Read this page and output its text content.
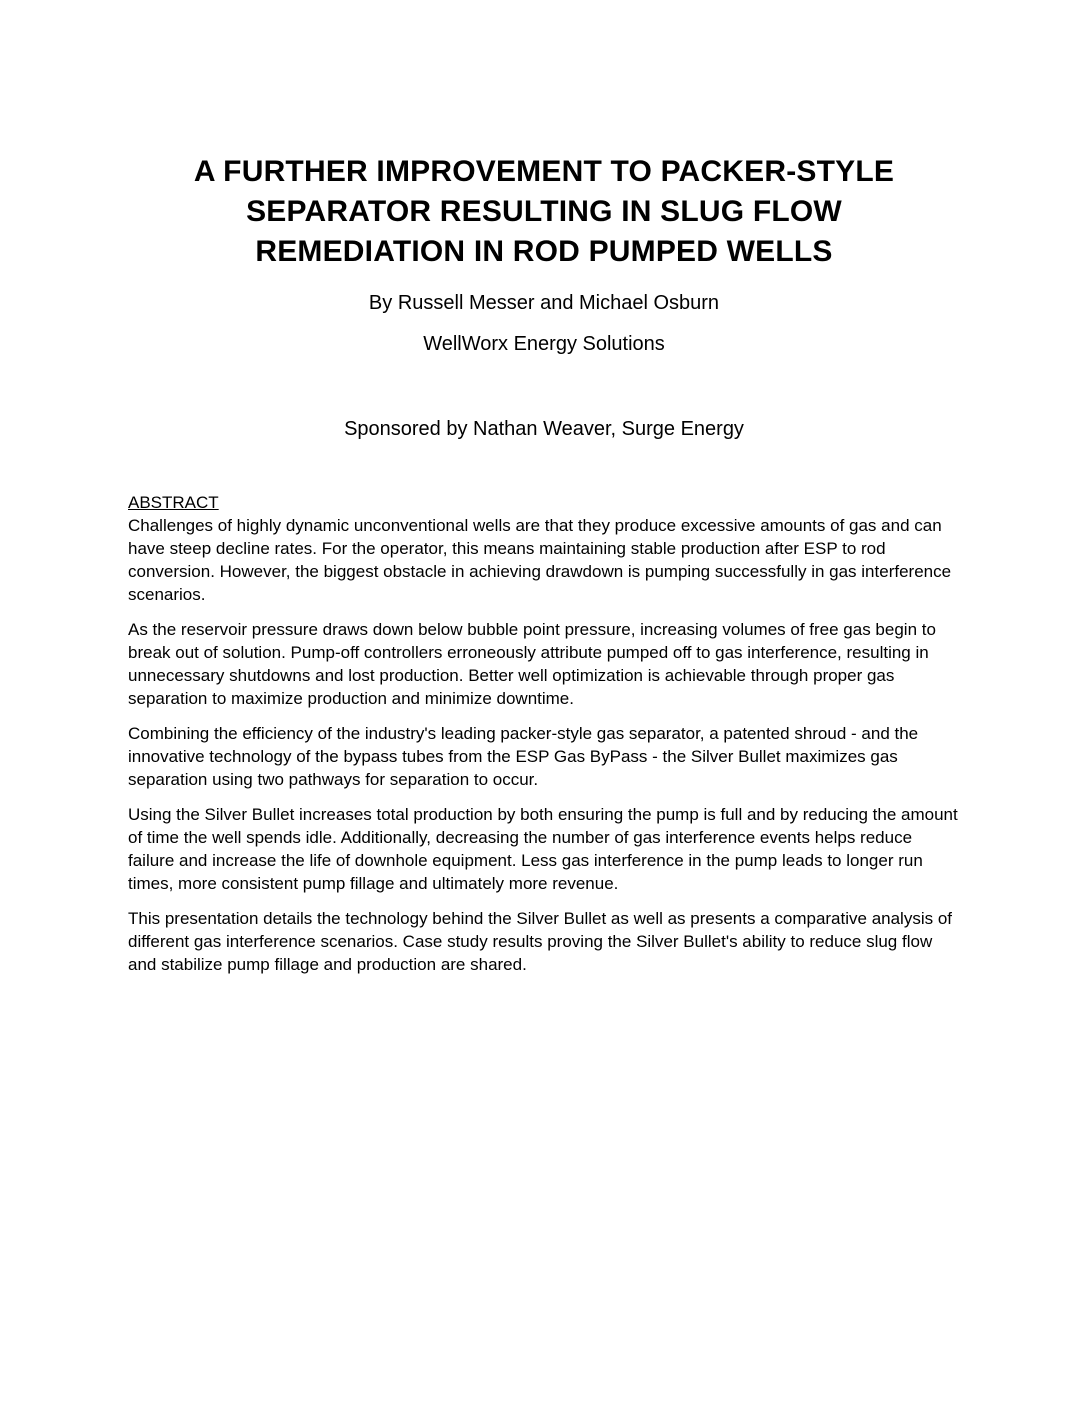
A FURTHER IMPROVEMENT TO PACKER-STYLE
SEPARATOR RESULTING IN SLUG FLOW
REMEDIATION IN ROD PUMPED WELLS
By Russell Messer and Michael Osburn
WellWorx Energy Solutions
Sponsored by Nathan Weaver, Surge Energy
ABSTRACT

Challenges of highly dynamic unconventional wells are that they produce excessive amounts of gas and can have steep decline rates. For the operator, this means maintaining stable production after ESP to rod conversion. However, the biggest obstacle in achieving drawdown is pumping successfully in gas interference scenarios.

As the reservoir pressure draws down below bubble point pressure, increasing volumes of free gas begin to break out of solution. Pump-off controllers erroneously attribute pumped off to gas interference, resulting in unnecessary shutdowns and lost production. Better well optimization is achievable through proper gas separation to maximize production and minimize downtime.

Combining the efficiency of the industry's leading packer-style gas separator, a patented shroud - and the innovative technology of the bypass tubes from the ESP Gas ByPass - the Silver Bullet maximizes gas separation using two pathways for separation to occur.

Using the Silver Bullet increases total production by both ensuring the pump is full and by reducing the amount of time the well spends idle. Additionally, decreasing the number of gas interference events helps reduce failure and increase the life of downhole equipment. Less gas interference in the pump leads to longer run times, more consistent pump fillage and ultimately more revenue.

This presentation details the technology behind the Silver Bullet as well as presents a comparative analysis of different gas interference scenarios. Case study results proving the Silver Bullet's ability to reduce slug flow and stabilize pump fillage and production are shared.
